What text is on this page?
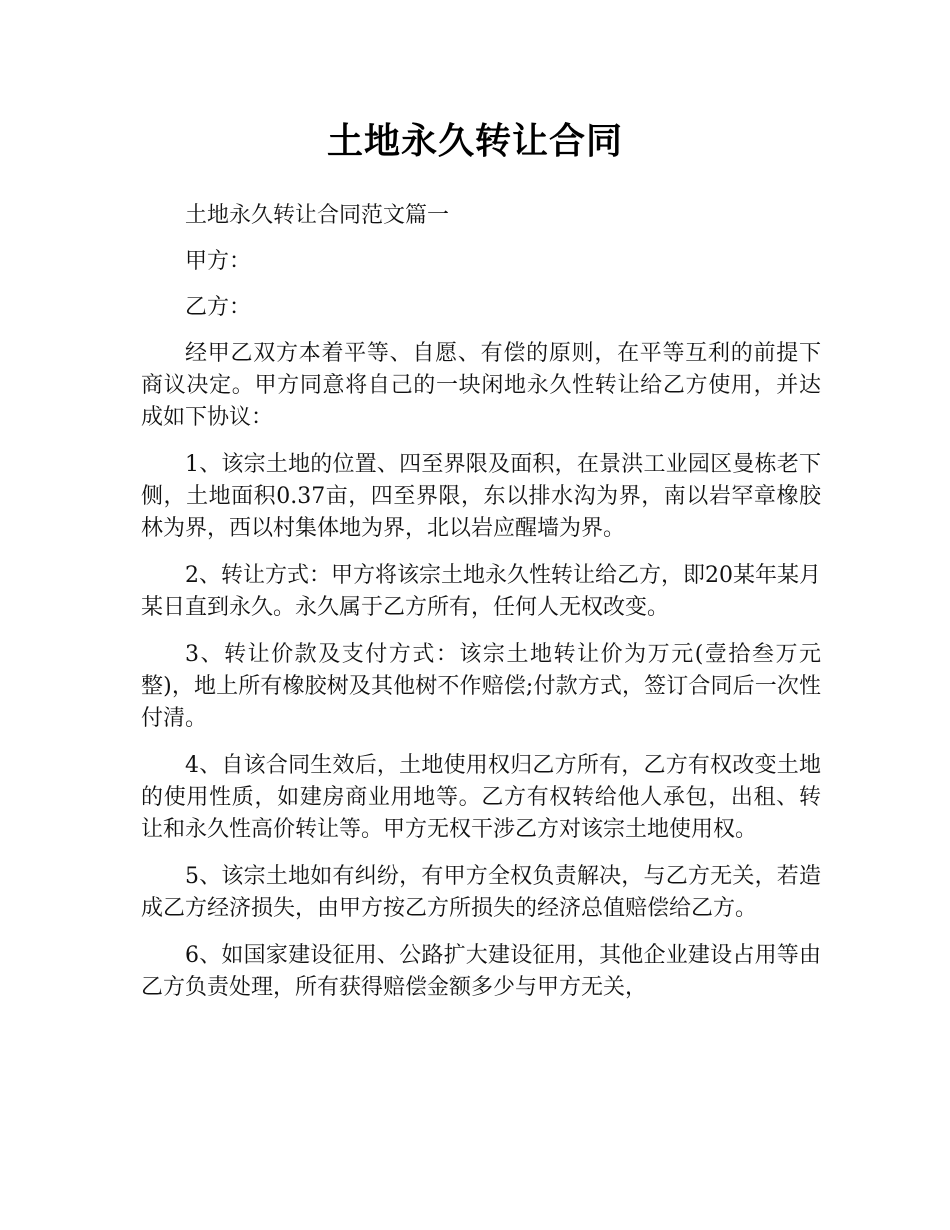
土地永久转让合同

土地永久转让合同范文篇一

甲方：

乙方：

经甲乙双方本着平等、自愿、有偿的原则，在平等互利的前提下商议决定。甲方同意将自己的一块闲地永久性转让给乙方使用，并达成如下协议：

1、该宗土地的位置、四至界限及面积，在景洪工业园区曼栋老下侧，土地面积0.37亩，四至界限，东以排水沟为界，南以岩罕章橡胶林为界，西以村集体地为界，北以岩应醒墙为界。

2、转让方式：甲方将该宗土地永久性转让给乙方，即20某年某月某日直到永久。永久属于乙方所有，任何人无权改变。

3、转让价款及支付方式：该宗土地转让价为万元(壹拾叁万元整)，地上所有橡胶树及其他树不作赔偿;付款方式，签订合同后一次性付清。

4、自该合同生效后，土地使用权归乙方所有，乙方有权改变土地的使用性质，如建房商业用地等。乙方有权转给他人承包，出租、转让和永久性高价转让等。甲方无权干涉乙方对该宗土地使用权。

5、该宗土地如有纠纷，有甲方全权负责解决，与乙方无关，若造成乙方经济损失，由甲方按乙方所损失的经济总值赔偿给乙方。

6、如国家建设征用、公路扩大建设征用，其他企业建设占用等由乙方负责处理，所有获得赔偿金额多少与甲方无关，
